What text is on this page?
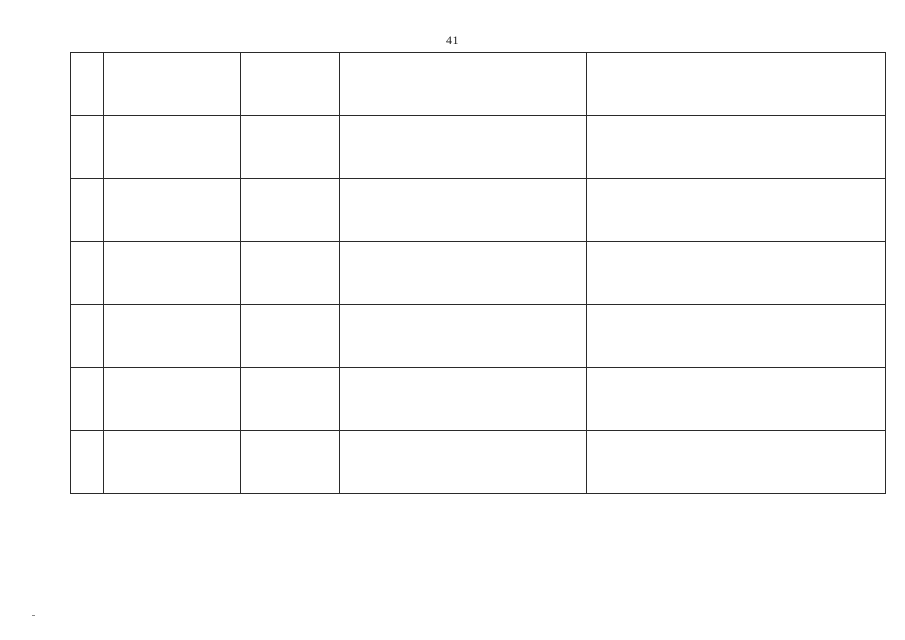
41
